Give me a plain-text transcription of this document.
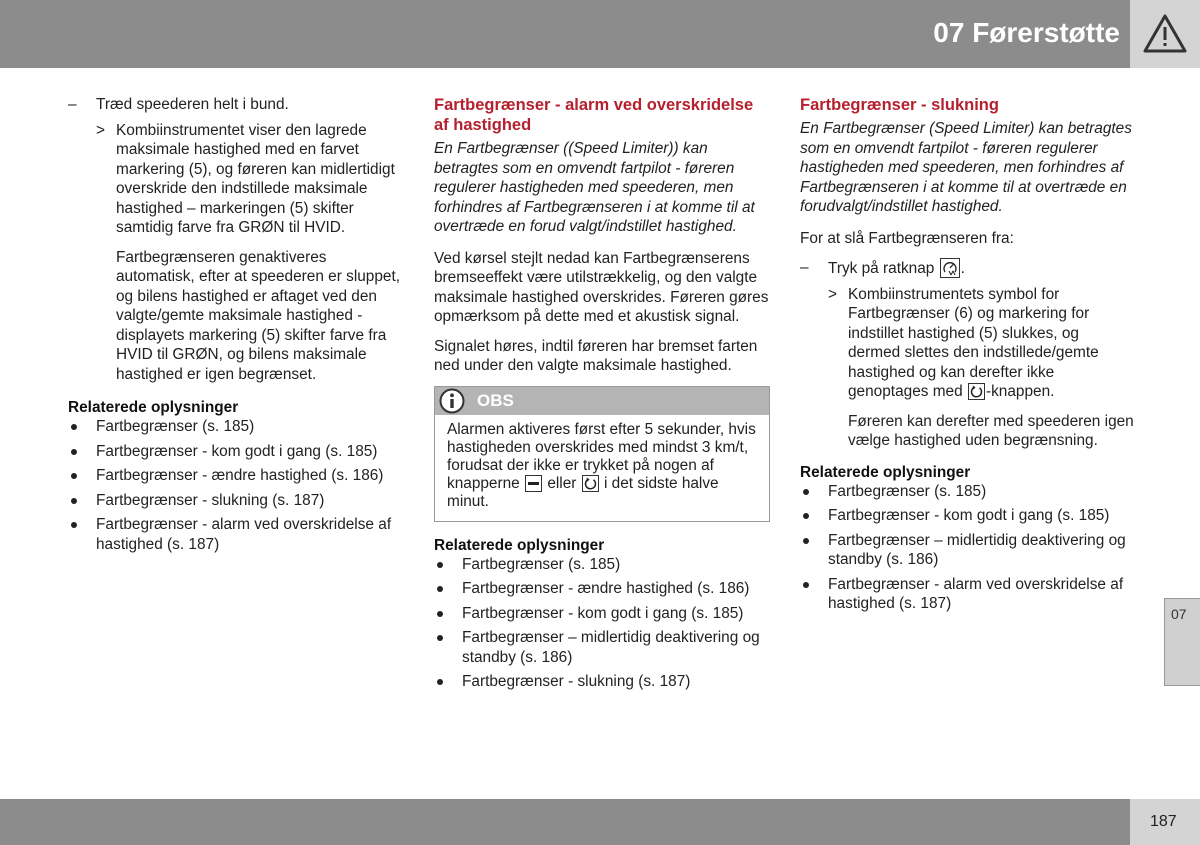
07 Førerstøtte
– Træd speederen helt i bund.
> Kombiinstrumentet viser den lagrede maksimale hastighed med en farvet markering (5), og føreren kan midlertidigt overskride den indstillede maksimale hastighed – markeringen (5) skifter samtidig farve fra GRØN til HVID.

Fartbegrænseren genaktiveres automatisk, efter at speederen er sluppet, og bilens hastighed er aftaget ved den valgte/gemte maksimale hastighed - displayets markering (5) skifter farve fra HVID til GRØN, og bilens maksimale hastighed er igen begrænset.

Relaterede oplysninger

Fartbegrænser (s. 185)
Fartbegrænser - kom godt i gang (s. 185)
Fartbegrænser - ændre hastighed (s. 186)
Fartbegrænser - slukning (s. 187)
Fartbegrænser - alarm ved overskridelse af hastighed (s. 187)

Fartbegrænser - alarm ved overskridelse af hastighed

En Fartbegrænser ((Speed Limiter)) kan betragtes som en omvendt fartpilot - føreren regulerer hastigheden med speederen, men forhindres af Fartbegrænseren i at komme til at overtræde en forud valgt/indstillet hastighed.

Ved kørsel stejlt nedad kan Fartbegrænserens bremseeffekt være utilstrækkelig, og den valgte maksimale hastighed overskrides. Føreren gøres opmærksom på dette med et akustisk signal.

Signalet høres, indtil føreren har bremset farten ned under den valgte maksimale hastighed.

OBS
Alarmen aktiveres først efter 5 sekunder, hvis hastigheden overskrides med mindst 3 km/t, forudsat der ikke er trykket på nogen af knapperne eller i det sidste halve minut.

Relaterede oplysninger

Fartbegrænser (s. 185)
Fartbegrænser - ændre hastighed (s. 186)
Fartbegrænser - kom godt i gang (s. 185)
Fartbegrænser – midlertidig deaktivering og standby (s. 186)
Fartbegrænser - slukning (s. 187)

Fartbegrænser - slukning

En Fartbegrænser (Speed Limiter) kan betragtes som en omvendt fartpilot - føreren regulerer hastigheden med speederen, men forhindres af Fartbegrænseren i at komme til at overtræde en forudvalgt/indstillet hastighed.

For at slå Fartbegrænseren fra:

– Tryk på ratknap .
> Kombiinstrumentets symbol for Fartbegrænser (6) og markering for indstillet hastighed (5) slukkes, og dermed slettes den indstillede/gemte hastighed og kan derefter ikke genoptages med -knappen.

Føreren kan derefter med speederen igen vælge hastighed uden begrænsning.

Relaterede oplysninger

Fartbegrænser (s. 185)
Fartbegrænser - kom godt i gang (s. 185)
Fartbegrænser – midlertidig deaktivering og standby (s. 186)
Fartbegrænser - alarm ved overskridelse af hastighed (s. 187)
07
187
